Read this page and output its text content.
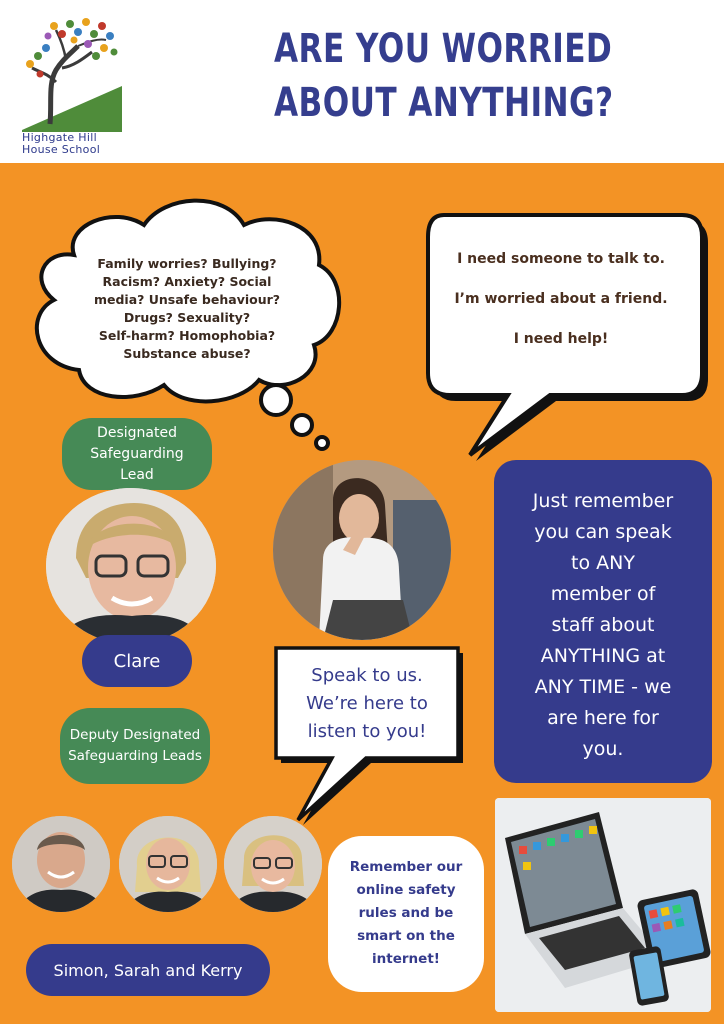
Highgate Hill
House School
ARE YOU WORRIED
ABOUT ANYTHING?
Family worries? Bullying?
Racism? Anxiety? Social
media? Unsafe behaviour?
Drugs? Sexuality?
Self-harm? Homophobia?
Substance abuse?

I need someone to talk to.

I’m worried about a friend.

I need help!

Designated Safeguarding Lead
Clare
Deputy Designated Safeguarding Leads
Just remember
you can speak
to ANY
member of
staff about
ANYTHING at
ANY TIME - we
are here for
you.
Speak to us.
We’re here to
listen to you!
Simon, Sarah and Kerry
Remember our
online safety
rules and be
smart on the
internet!
